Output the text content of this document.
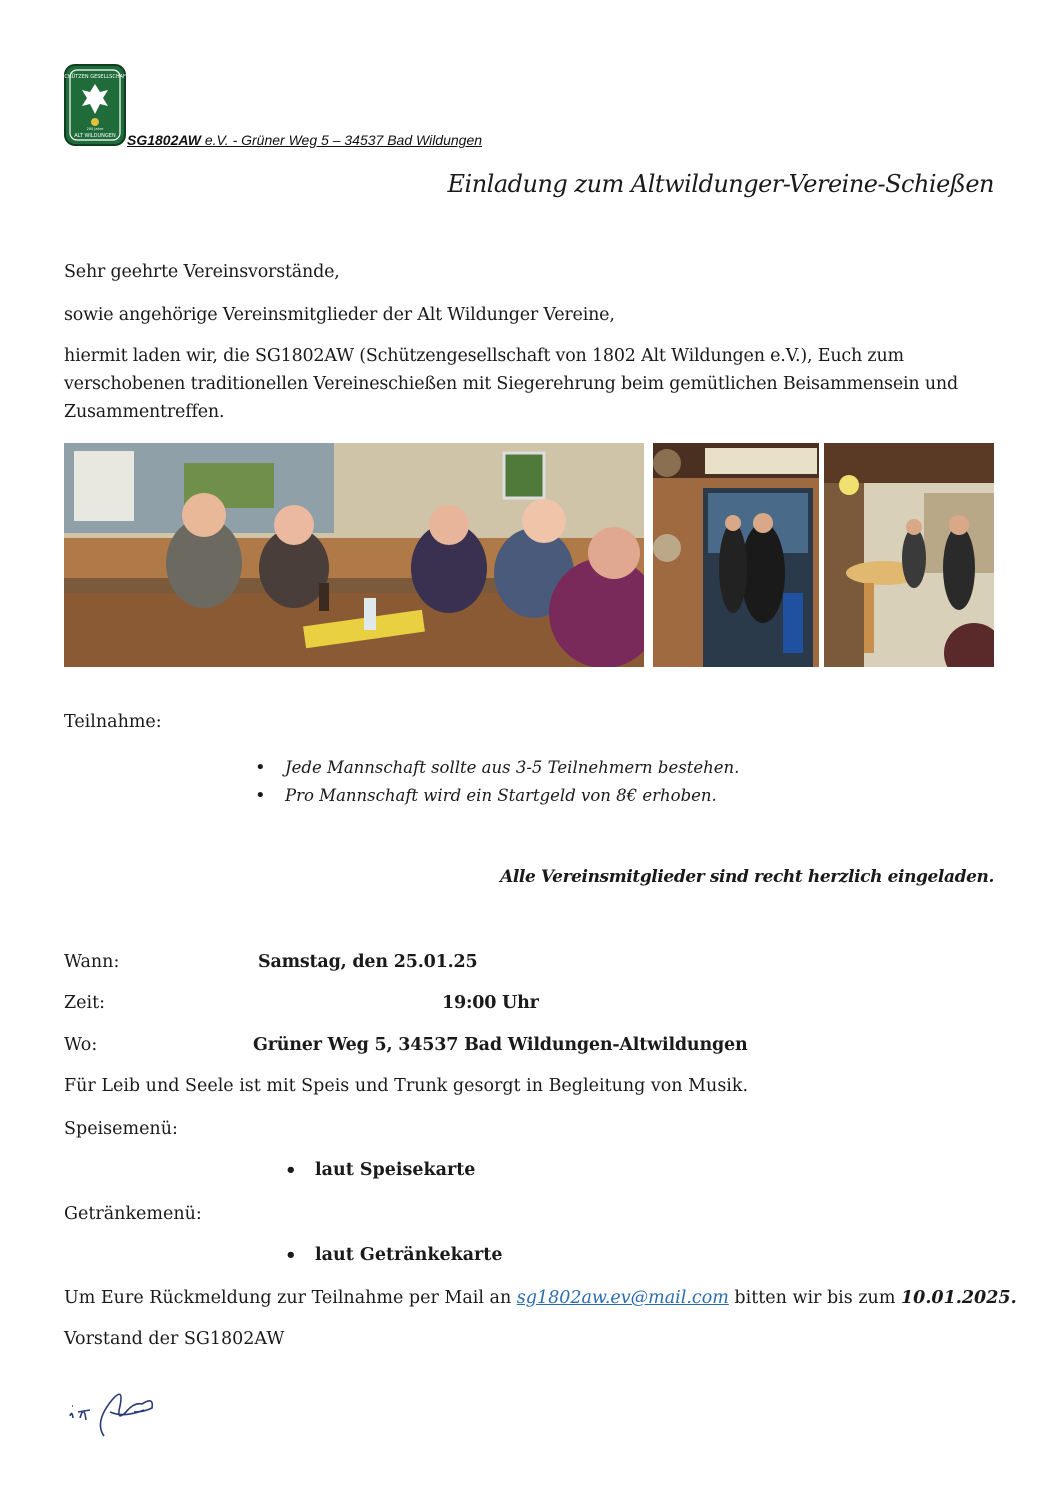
SCHÜTZEN GESELLSCHAFT
ALT WILDUNGEN
200 Jahre
SG1802AW e.V. - Grüner Weg 5 – 34537 Bad Wildungen
Einladung zum Altwildunger-Vereine-Schießen
Sehr geehrte Vereinsvorstände,
sowie angehörige Vereinsmitglieder der Alt Wildunger Vereine,
hiermit laden wir, die SG1802AW (Schützengesellschaft von 1802 Alt Wildungen e.V.), Euch zum verschobenen traditionellen Vereineschießen mit Siegerehrung beim gemütlichen Beisammensein und Zusammentreffen.
Teilnahme:
• Jede Mannschaft sollte aus 3-5 Teilnehmern bestehen.
• Pro Mannschaft wird ein Startgeld von 8€ erhoben.
Alle Vereinsmitglieder sind recht herzlich eingeladen.
Wann:	Samstag, den 25.01.25
Zeit:	19:00 Uhr
Wo:	Grüner Weg 5, 34537 Bad Wildungen-Altwildungen
Für Leib und Seele ist mit Speis und Trunk gesorgt in Begleitung von Musik.
Speisemenü:
• laut Speisekarte
Getränkemenü:
• laut Getränkekarte
Um Eure Rückmeldung zur Teilnahme per Mail an sg1802aw.ev@mail.com bitten wir bis zum 10.01.2025.
Vorstand der SG1802AW
